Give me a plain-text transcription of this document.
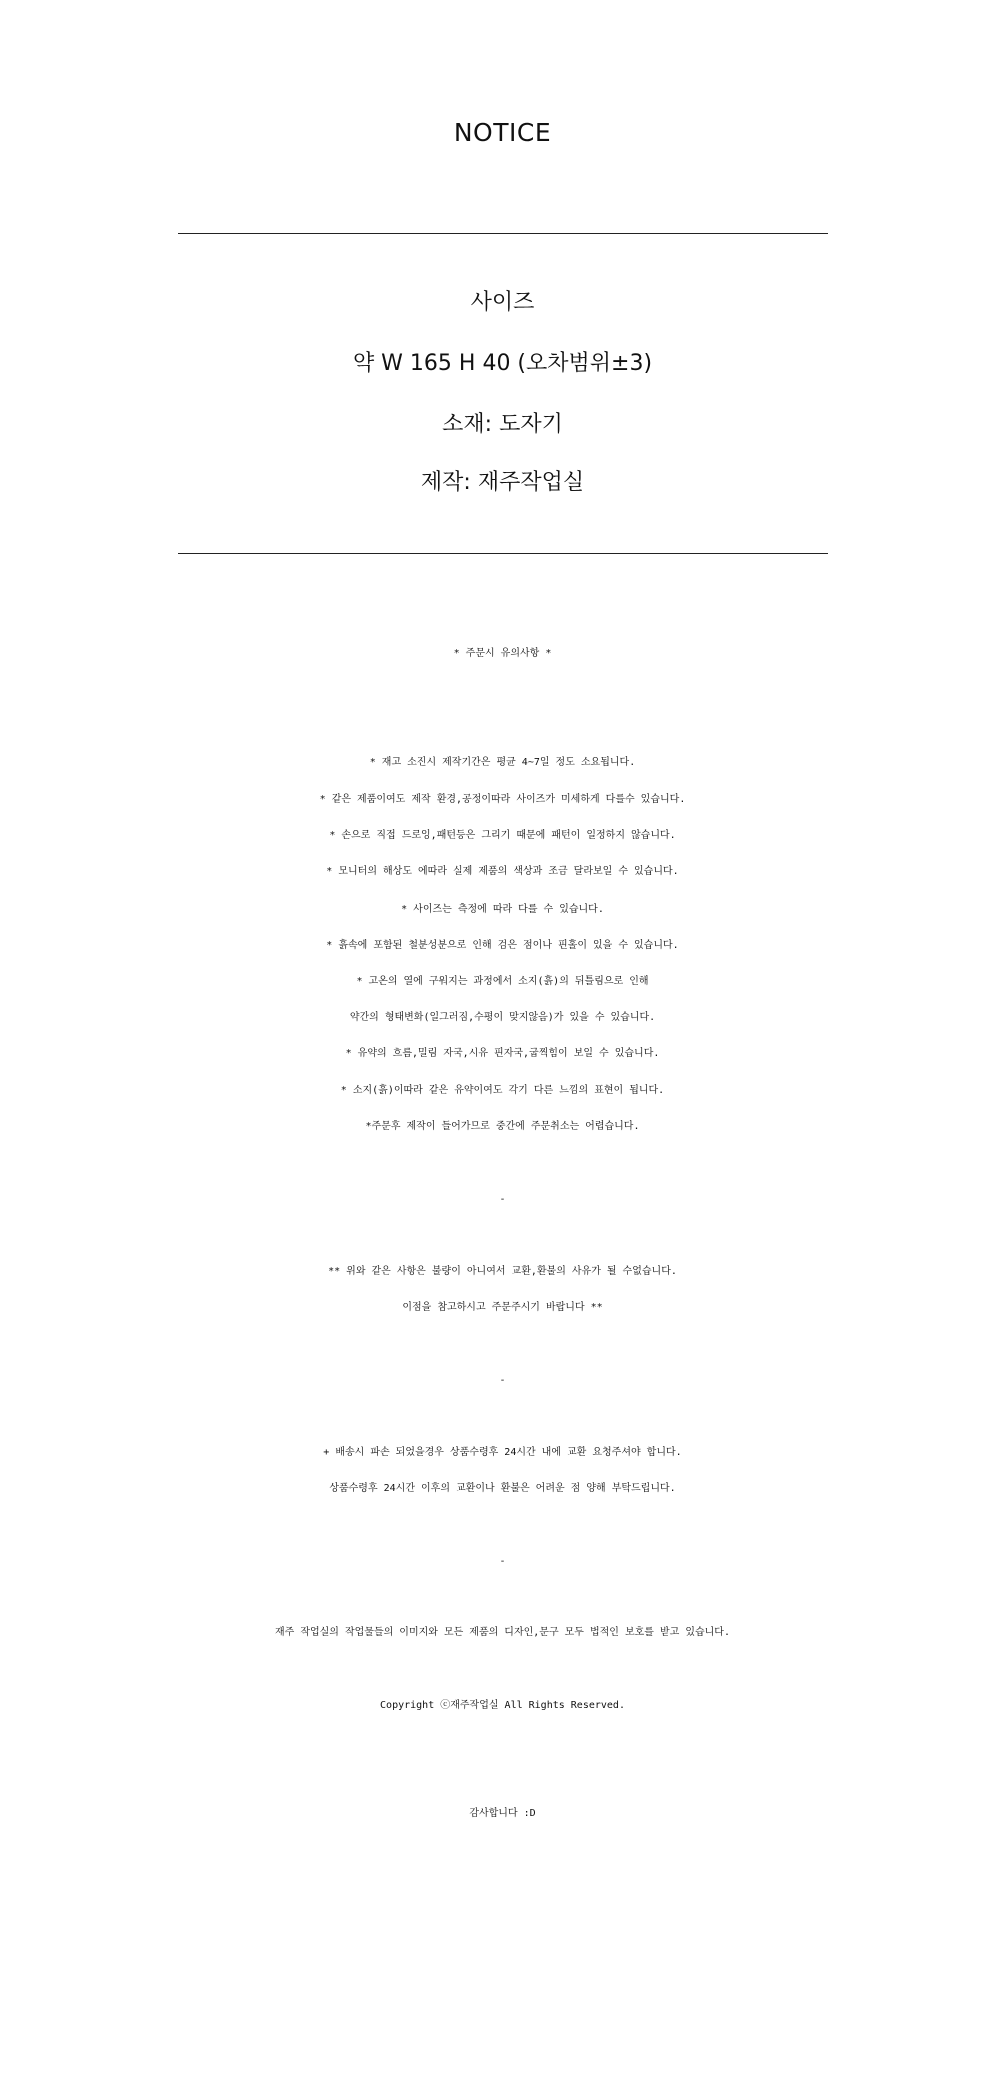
NOTICE
사이즈
약 W 165 H 40 (오차범위±3)
소재: 도자기
제작: 재주작업실
* 주문시 유의사항 *
* 재고 소진시 제작기간은 평균 4~7일 정도 소요됩니다.
* 같은 제품이여도 제작 환경,공정이따라 사이즈가 미세하게 다를수 있습니다.
* 손으로 직접 드로잉,패턴등은 그리기 때문에 패턴이 일정하지 않습니다.
* 모니터의 해상도 에따라 실제 제품의 색상과 조금 달라보일 수 있습니다.
* 사이즈는 측정에 따라 다를 수 있습니다.
* 흙속에 포함된 철분성분으로 인해 검은 점이나 핀홀이 있을 수 있습니다.
* 고온의 열에 구워지는 과정에서 소지(흙)의 뒤틀림으로 인해
약간의 형태변화(일그러짐,수평이 맞지않음)가 있을 수 있습니다.
* 유약의 흐름,밀림 자국,시유 핀자국,굽찍힘이 보일 수 있습니다.
* 소지(흙)이따라 같은 유약이여도 각기 다른 느낌의 표현이 됩니다.
*주문후 제작이 들어가므로 중간에 주문취소는 어렵습니다.
-
** 위와 같은 사항은 불량이 아니여서 교환,환불의 사유가 될 수없습니다.
이점을 참고하시고 주문주시기 바랍니다 **
-
+ 배송시 파손 되었을경우 상품수령후 24시간 내에 교환 요청주셔야 합니다.
상품수령후 24시간 이후의 교환이나 환불은 어려운 점 양해 부탁드립니다.
-
재주 작업실의 작업물들의 이미지와 모든 제품의 디자인,문구 모두 법적인 보호를 받고 있습니다.
Copyright ⓒ재주작업실 All Rights Reserved.
감사합니다 :D
